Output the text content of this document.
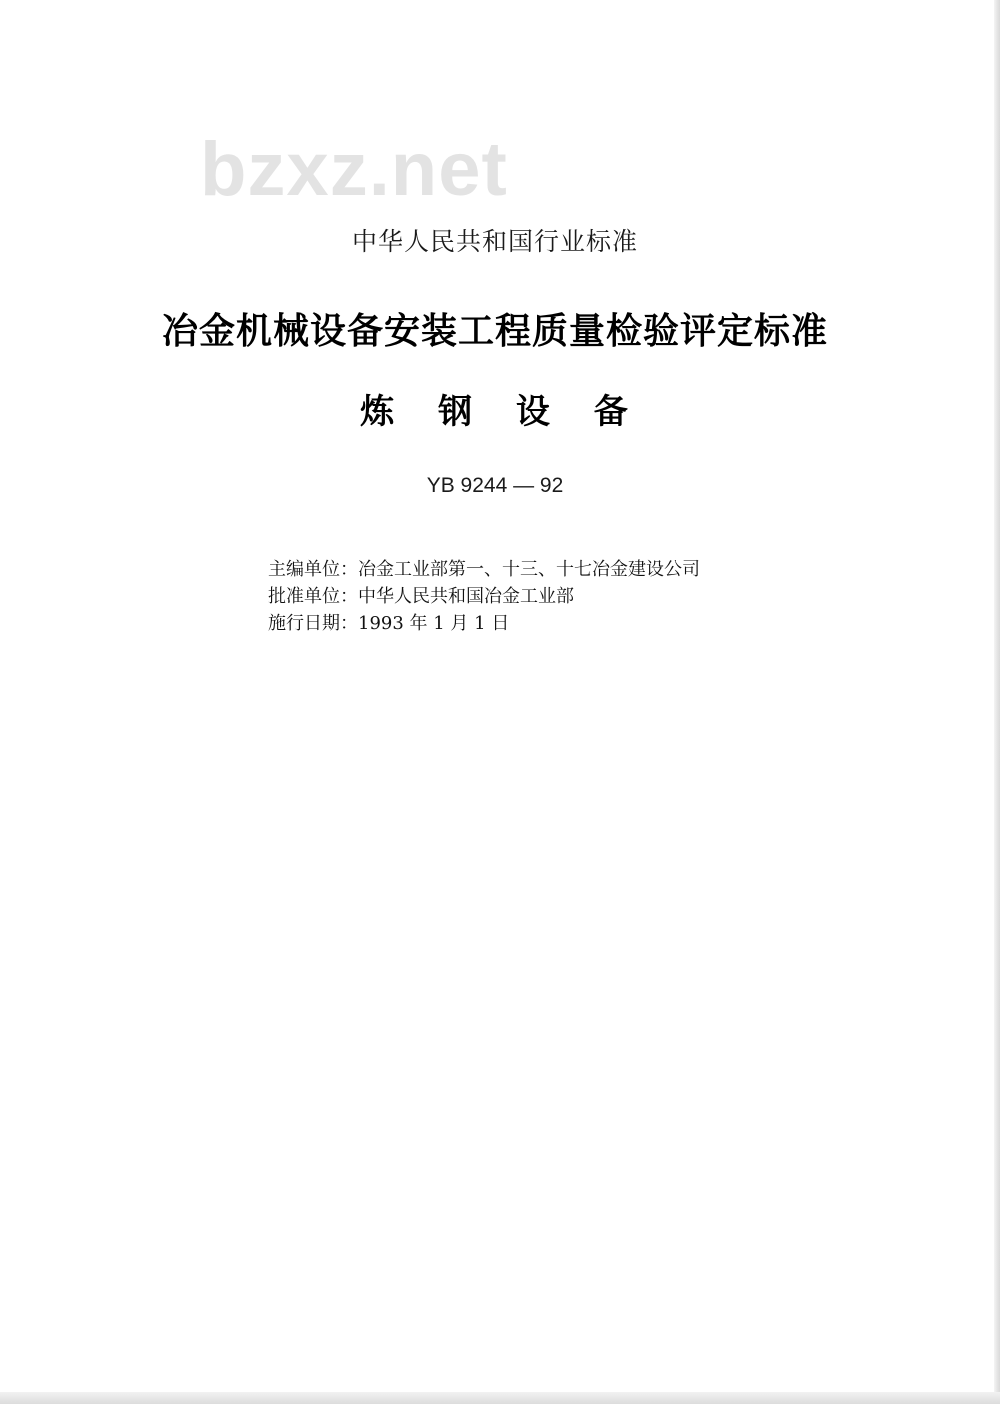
bzxz.net
中华人民共和国行业标准
冶金机械设备安装工程质量检验评定标准
炼 钢 设 备
YB 9244 — 92
主编单位：冶金工业部第一、十三、十七冶金建设公司
批准单位：中华人民共和国冶金工业部
施行日期：1993 年 1 月 1 日
